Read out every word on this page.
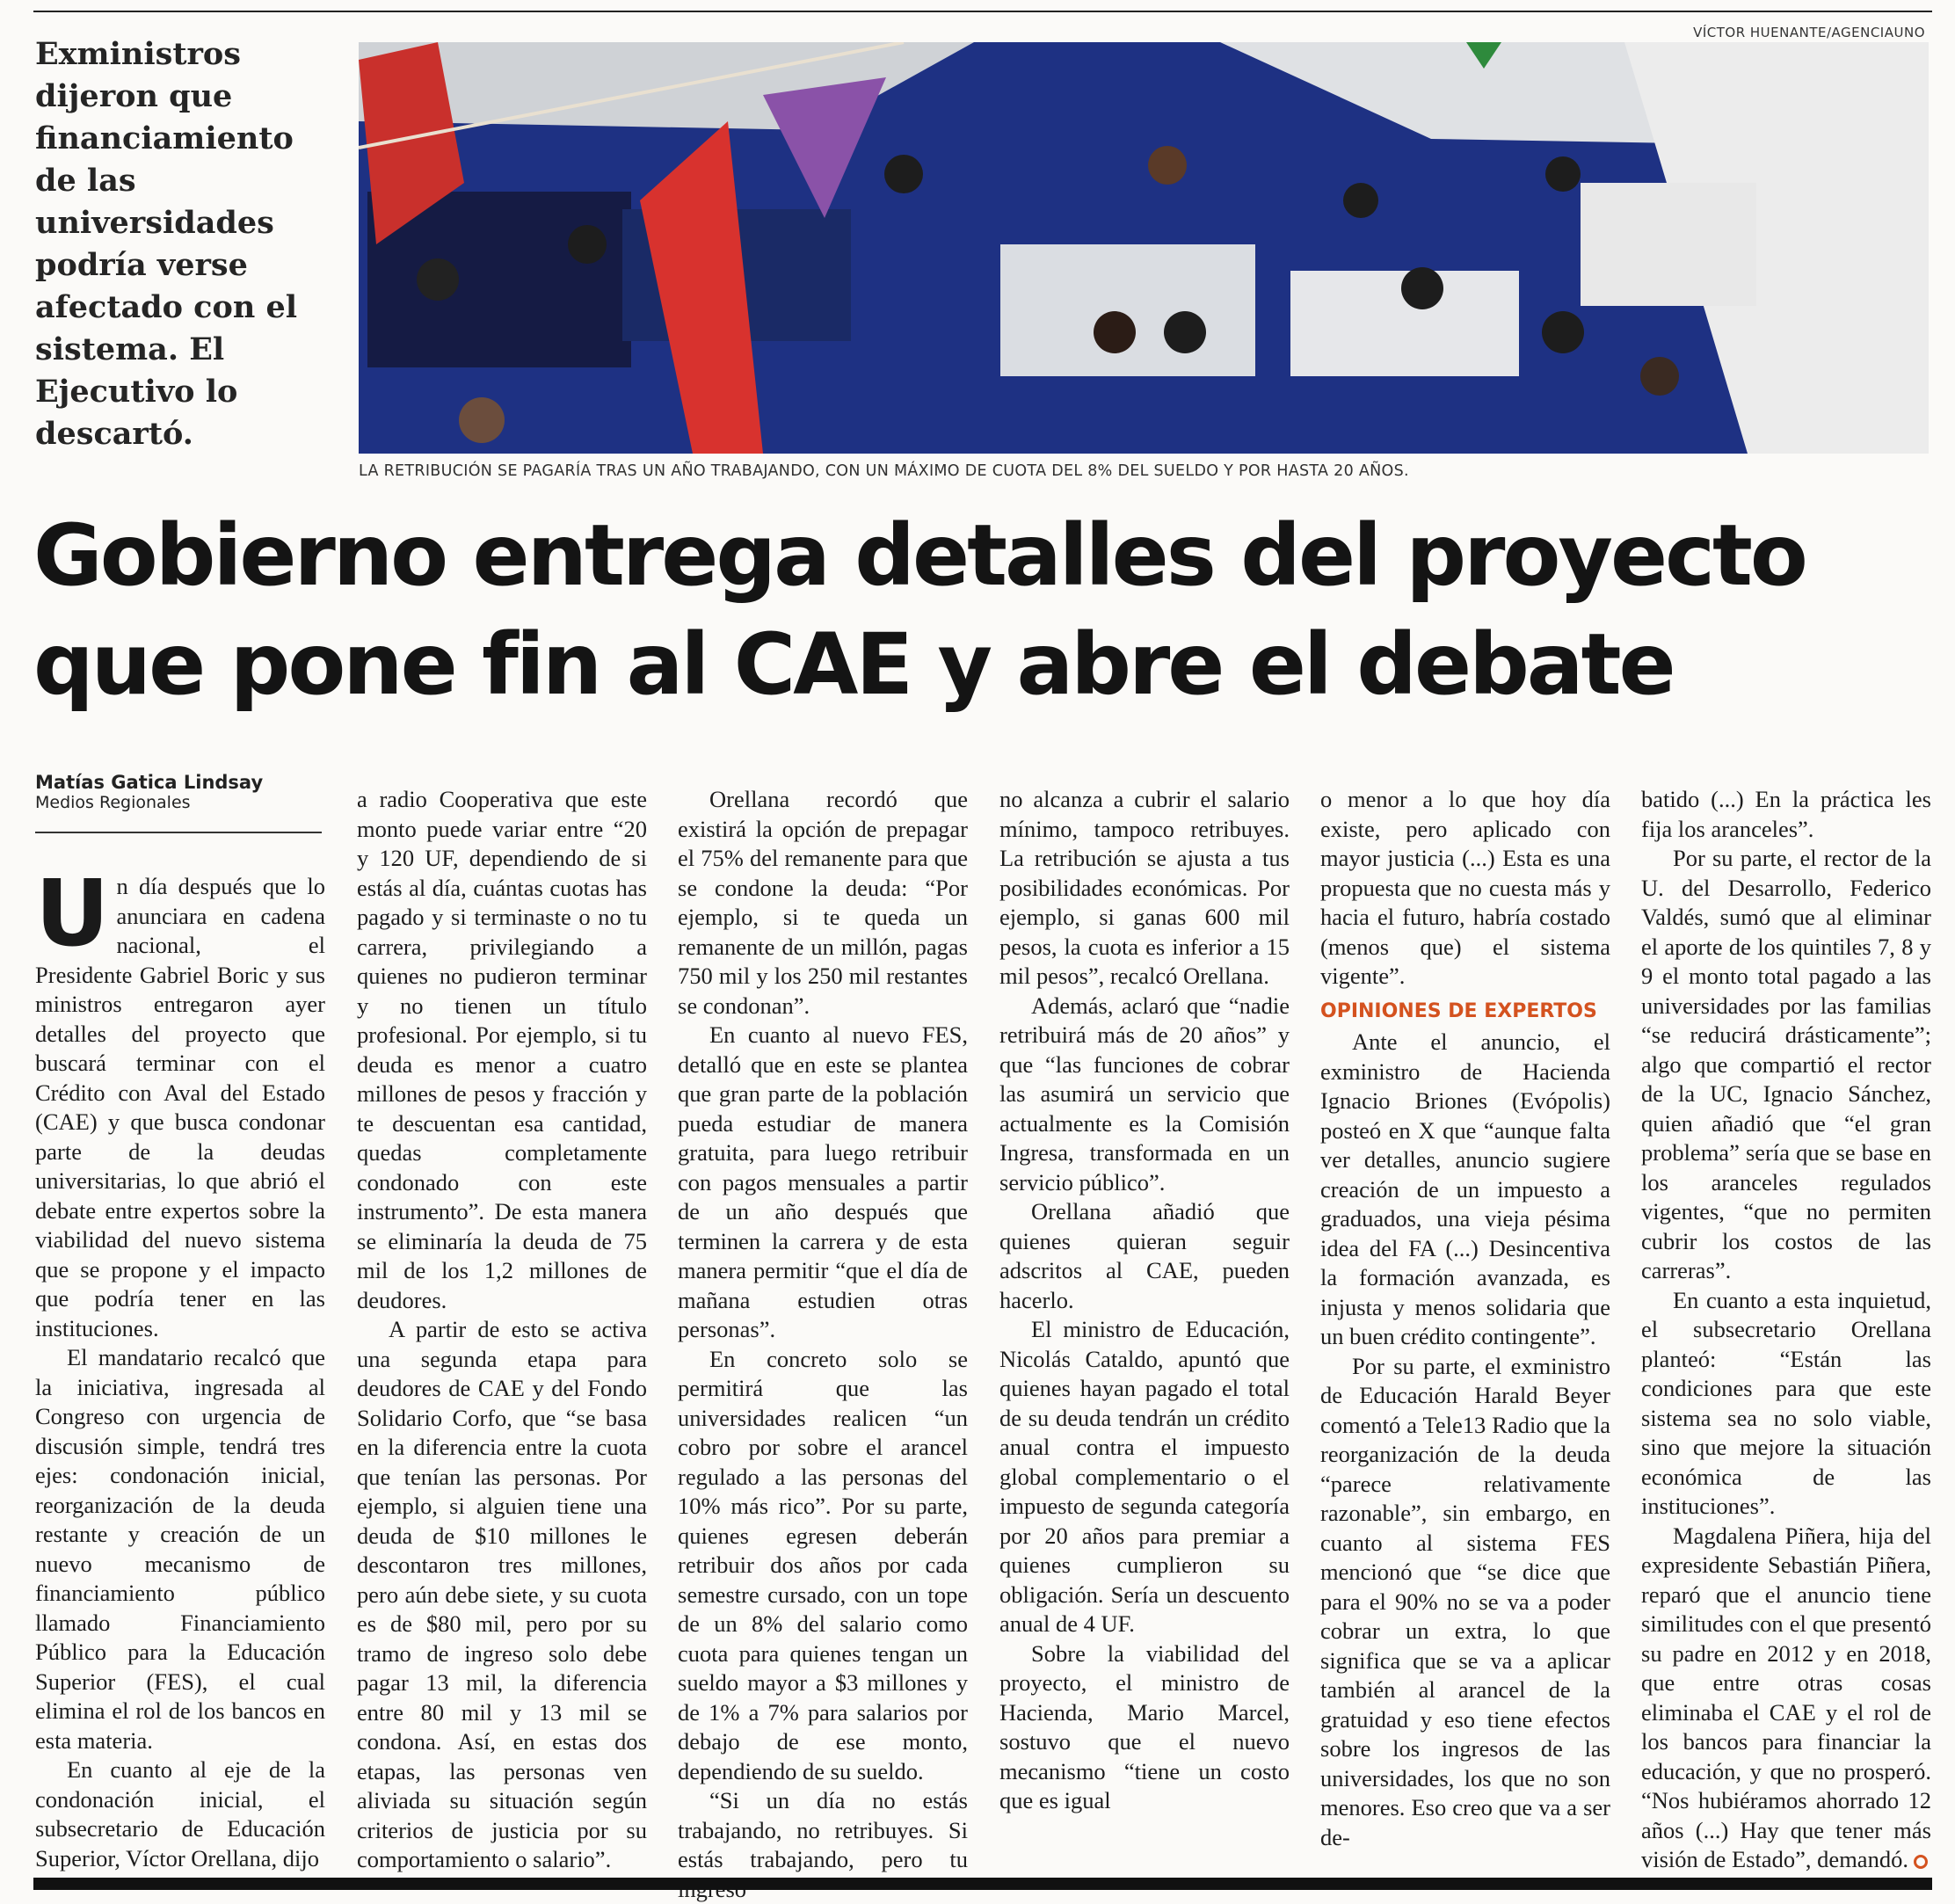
VÍCTOR HUENANTE/AGENCIAUNO

Exministros dijeron que financiamiento de las universidades podría verse afectado con el sistema. El Ejecutivo lo descartó.

LA RETRIBUCIÓN SE PAGARÍA TRAS UN AÑO TRABAJANDO, CON UN MÁXIMO DE CUOTA DEL 8% DEL SUELDO Y POR HASTA 20 AÑOS.
Gobierno entrega detalles del proyecto que pone fin al CAE y abre el debate
Matías Gatica Lindsay
Medios Regionales

Un día después que lo anunciara en cadena nacional, el Presidente Gabriel Boric y sus ministros entregaron ayer detalles del proyecto que buscará terminar con el Crédito con Aval del Estado (CAE) y que busca condonar parte de la deudas universitarias, lo que abrió el debate entre expertos sobre la viabilidad del nuevo sistema que se propone y el impacto que podría tener en las instituciones.

El mandatario recalcó que la iniciativa, ingresada al Congreso con urgencia de discusión simple, tendrá tres ejes: condonación inicial, reorganización de la deuda restante y creación de un nuevo mecanismo de financiamiento público llamado Financiamiento Público para la Educación Superior (FES), el cual elimina el rol de los bancos en esta materia.

En cuanto al eje de la condonación inicial, el subsecretario de Educación Superior, Víctor Orellana, dijo

a radio Cooperativa que este monto puede variar entre “20 y 120 UF, dependiendo de si estás al día, cuántas cuotas has pagado y si terminaste o no tu carrera, privilegiando a quienes no pudieron terminar y no tienen un título profesional. Por ejemplo, si tu deuda es menor a cuatro millones de pesos y fracción y te descuentan esa cantidad, quedas completamente condonado con este instrumento”. De esta manera se eliminaría la deuda de 75 mil de los 1,2 millones de deudores.

A partir de esto se activa una segunda etapa para deudores de CAE y del Fondo Solidario Corfo, que “se basa en la diferencia entre la cuota que tenían las personas. Por ejemplo, si alguien tiene una deuda de $10 millones le descontaron tres millones, pero aún debe siete, y su cuota es de $80 mil, pero por su tramo de ingreso solo debe pagar 13 mil, la diferencia entre 80 mil y 13 mil se condona. Así, en estas dos etapas, las personas ven aliviada su situación según criterios de justicia por su comportamiento o salario”.

Orellana recordó que existirá la opción de prepagar el 75% del remanente para que se condone la deuda: “Por ejemplo, si te queda un remanente de un millón, pagas 750 mil y los 250 mil restantes se condonan”.

En cuanto al nuevo FES, detalló que en este se plantea que gran parte de la población pueda estudiar de manera gratuita, para luego retribuir con pagos mensuales a partir de un año después que terminen la carrera y de esta manera permitir “que el día de mañana estudien otras personas”.

En concreto solo se permitirá que las universidades realicen “un cobro por sobre el arancel regulado a las personas del 10% más rico”. Por su parte, quienes egresen deberán retribuir dos años por cada semestre cursado, con un tope de un 8% del salario como cuota para quienes tengan un sueldo mayor a $3 millones y de 1% a 7% para salarios por debajo de ese monto, dependiendo de su sueldo.

“Si un día no estás trabajando, no retribuyes. Si estás trabajando, pero tu

no alcanza a cubrir el salario mínimo, tampoco retribuyes. La retribución se ajusta a tus posibilidades económicas. Por ejemplo, si ganas 600 mil pesos, la cuota es inferior a 15 mil pesos”, recalcó Orellana.

Además, aclaró que “nadie retribuirá más de 20 años” y que “las funciones de cobrar las asumirá un servicio que actualmente es la Comisión Ingresa, transformada en un servicio público”.

Orellana añadió que quienes quieran seguir adscritos al CAE, pueden hacerlo.

El ministro de Educación, Nicolás Cataldo, apuntó que quienes hayan pagado el total de su deuda tendrán un crédito anual contra el impuesto global complementario o el impuesto de segunda categoría por 20 años para premiar a quienes cumplieron su obligación. Sería un descuento anual de 4 UF.

Sobre la viabilidad del proyecto, el ministro de Hacienda, Mario Marcel, sostuvo que el nuevo mecanismo “tiene un costo que es igual

o menor a lo que hoy día existe, pero aplicado con mayor justicia (...) Esta es una propuesta que no cuesta más y hacia el futuro, habría costado (menos que) el sistema vigente”.

OPINIONES DE EXPERTOS

Ante el anuncio, el exministro de Hacienda Ignacio Briones (Evópolis) posteó en X que “aunque falta ver detalles, anuncio sugiere creación de un impuesto a graduados, una vieja pésima idea del FA (...) Desincentiva la formación avanzada, es injusta y menos solidaria que un buen crédito contingente”.

Por su parte, el exministro de Educación Harald Beyer comentó a Tele13 Radio que la reorganización de la deuda “parece relativamente razonable”, sin embargo, en cuanto al sistema FES mencionó que “se dice que para el 90% no se va a poder cobrar un extra, lo que significa que se va a aplicar también al arancel de la gratuidad y eso tiene efectos sobre los ingresos de las universidades, los que no son menores. Eso creo que va a ser de-

batido (...) En la práctica les fija los aranceles”.

Por su parte, el rector de la U. del Desarrollo, Federico Valdés, sumó que al eliminar el aporte de los quintiles 7, 8 y 9 el monto total pagado a las universidades por las familias “se reducirá drásticamente”; algo que compartió el rector de la UC, Ignacio Sánchez, quien añadió que “el gran problema” sería que se base en los aranceles regulados vigentes, “que no permiten cubrir los costos de las carreras”.

En cuanto a esta inquietud, el subsecretario Orellana planteó: “Están las condiciones para que este sistema sea no solo viable, sino que mejore la situación económica de las instituciones”.

Magdalena Piñera, hija del expresidente Sebastián Piñera, reparó que el anuncio tiene similitudes con el que presentó su padre en 2012 y en 2018, que entre otras cosas eliminaba el CAE y el rol de los bancos para financiar la educación, y que no prosperó. “Nos hubiéramos ahorrado 12 años (...) Hay que tener más visión de Estado”, demandó.
